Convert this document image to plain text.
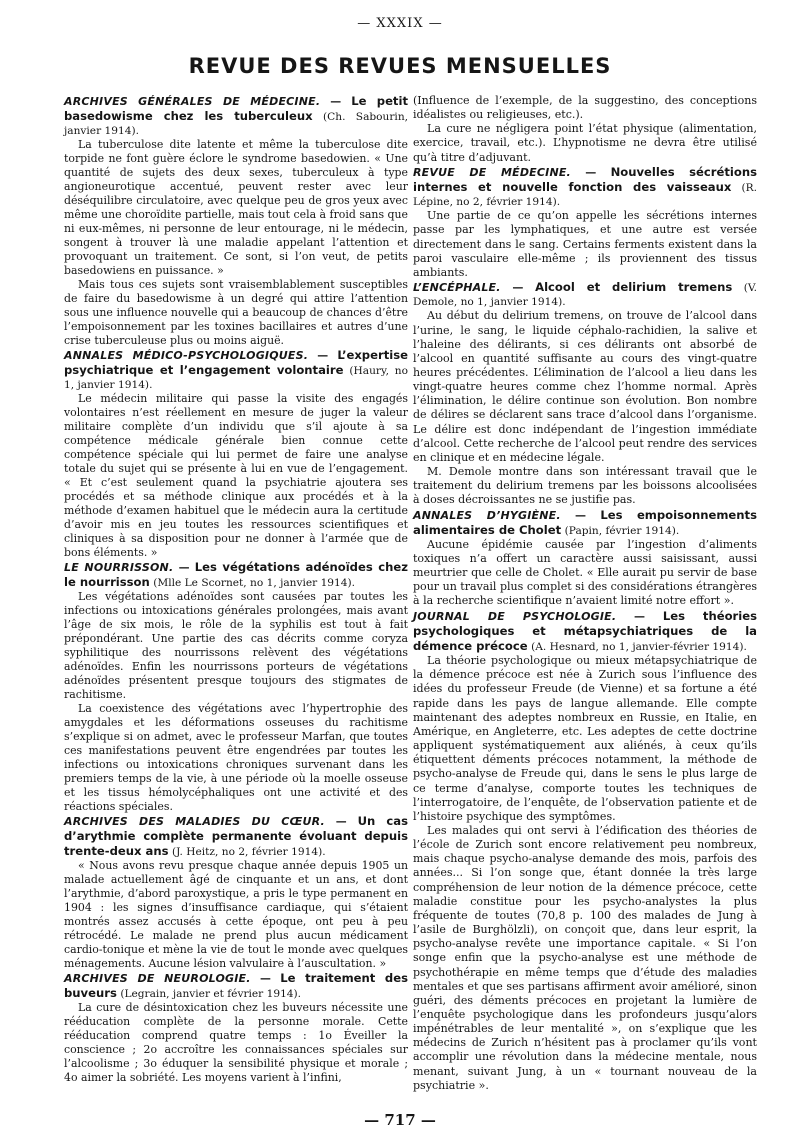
— XXXIX —
REVUE DES REVUES MENSUELLES

ARCHIVES GÉNÉRALES DE MÉDECINE. — Le petit basedowisme chez les tuberculeux (Ch. Sabourin, janvier 1914).

La tuberculose dite latente et même la tuberculose dite torpide ne font guère éclore le syndrome basedowien. « Une quantité de sujets des deux sexes, tuberculeux à type angioneurotique accentué, peuvent rester avec leur déséquilibre circulatoire, avec quelque peu de gros yeux avec même une choroïdite partielle, mais tout cela à froid sans que ni eux-mêmes, ni personne de leur entourage, ni le médecin, songent à trouver là une maladie appelant l’attention et provoquant un traitement. Ce sont, si l’on veut, de petits basedowiens en puissance. »

Mais tous ces sujets sont vraisemblablement susceptibles de faire du basedowisme à un degré qui attire l’attention sous une influence nouvelle qui a beaucoup de chances d’être l’empoisonnement par les toxines bacillaires et autres d’une crise tuberculeuse plus ou moins aiguë.

ANNALES MÉDICO-PSYCHOLOGIQUES. — L’expertise psychiatrique et l’engagement volontaire (Haury, no 1, janvier 1914).

Le médecin militaire qui passe la visite des engagés volontaires n’est réellement en mesure de juger la valeur militaire complète d’un individu que s’il ajoute à sa compétence médicale générale bien connue cette compétence spéciale qui lui permet de faire une analyse totale du sujet qui se présente à lui en vue de l’engagement. « Et c’est seulement quand la psychiatrie ajoutera ses procédés et sa méthode clinique aux procédés et à la méthode d’examen habituel que le médecin aura la certitude d’avoir mis en jeu toutes les ressources scientifiques et cliniques à sa disposition pour ne donner à l’armée que de bons éléments. »

LE NOURRISSON. — Les végétations adénoïdes chez le nourrisson (Mlle Le Scornet, no 1, janvier 1914).

Les végétations adénoïdes sont causées par toutes les infections ou intoxications générales prolongées, mais avant l’âge de six mois, le rôle de la syphilis est tout à fait prépondérant. Une partie des cas décrits comme coryza syphilitique des nourrissons relèvent des végétations adénoïdes. Enfin les nourrissons porteurs de végétations adénoïdes présentent presque toujours des stigmates de rachitisme.

La coexistence des végétations avec l’hypertrophie des amygdales et les déformations osseuses du rachitisme s’explique si on admet, avec le professeur Marfan, que toutes ces manifestations peuvent être engendrées par toutes les infections ou intoxications chroniques survenant dans les premiers temps de la vie, à une période où la moelle osseuse et les tissus hémolycéphaliques ont une activité et des réactions spéciales.

ARCHIVES DES MALADIES DU CŒUR. — Un cas d’arythmie complète permanente évoluant depuis trente-deux ans (J. Heitz, no 2, février 1914).

« Nous avons revu presque chaque année depuis 1905 un malade actuellement âgé de cinquante et un ans, et dont l’arythmie, d’abord paroxystique, a pris le type permanent en 1904 : les signes d’insuffisance cardiaque, qui s’étaient montrés assez accusés à cette époque, ont peu à peu rétrocédé. Le malade ne prend plus aucun médicament cardio-tonique et mène la vie de tout le monde avec quelques ménagements. Aucune lésion valvulaire à l’auscultation. »

ARCHIVES DE NEUROLOGIE. — Le traitement des buveurs (Legrain, janvier et février 1914).

La cure de désintoxication chez les buveurs nécessite une rééducation complète de la personne morale. Cette rééducation comprend quatre temps : 1o Éveiller la conscience ; 2o accroître les connaissances spéciales sur l’alcoolisme ; 3o éduquer la sensibilité physique et morale ; 4o aimer la sobriété. Les moyens varient à l’infini,

(Influence de l’exemple, de la suggestino, des conceptions idéalistes ou religieuses, etc.).

La cure ne négligera point l’état physique (alimentation, exercice, travail, etc.). L’hypnotisme ne devra être utilisé qu’à titre d’adjuvant.

REVUE DE MÉDECINE. — Nouvelles sécrétions internes et nouvelle fonction des vaisseaux (R. Lépine, no 2, février 1914).

Une partie de ce qu’on appelle les sécrétions internes passe par les lymphatiques, et une autre est versée directement dans le sang. Certains ferments existent dans la paroi vasculaire elle-même ; ils proviennent des tissus ambiants.

L’ENCÉPHALE. — Alcool et delirium tremens (V. Demole, no 1, janvier 1914).

Au début du delirium tremens, on trouve de l’alcool dans l’urine, le sang, le liquide céphalo-rachidien, la salive et l’haleine des délirants, si ces délirants ont absorbé de l’alcool en quantité suffisante au cours des vingt-quatre heures précédentes. L’élimination de l’alcool a lieu dans les vingt-quatre heures comme chez l’homme normal. Après l’élimination, le délire continue son évolution. Bon nombre de délires se déclarent sans trace d’alcool dans l’organisme. Le délire est donc indépendant de l’ingestion immédiate d’alcool. Cette recherche de l’alcool peut rendre des services en clinique et en médecine légale.

M. Demole montre dans son intéressant travail que le traitement du delirium tremens par les boissons alcoolisées à doses décroissantes ne se justifie pas.

ANNALES D’HYGIÈNE. — Les empoisonnements alimentaires de Cholet (Papin, février 1914).

Aucune épidémie causée par l’ingestion d’aliments toxiques n’a offert un caractère aussi saisissant, aussi meurtrier que celle de Cholet. « Elle aurait pu servir de base pour un travail plus complet si des considérations étrangères à la recherche scientifique n’avaient limité notre effort ».

JOURNAL DE PSYCHOLOGIE. — Les théories psychologiques et métapsychiatriques de la démence précoce (A. Hesnard, no 1, janvier-février 1914).

La théorie psychologique ou mieux métapsychiatrique de la démence précoce est née à Zurich sous l’influence des idées du professeur Freude (de Vienne) et sa fortune a été rapide dans les pays de langue allemande. Elle compte maintenant des adeptes nombreux en Russie, en Italie, en Amérique, en Angleterre, etc. Les adeptes de cette doctrine appliquent systématiquement aux aliénés, à ceux qu’ils étiquettent déments précoces notamment, la méthode de psycho-analyse de Freude qui, dans le sens le plus large de ce terme d’analyse, comporte toutes les techniques de l’interrogatoire, de l’enquête, de l’observation patiente et de l’histoire psychique des symptômes.

Les malades qui ont servi à l’édification des théories de l’école de Zurich sont encore relativement peu nombreux, mais chaque psycho-analyse demande des mois, parfois des années... Si l’on songe que, étant donnée la très large compréhension de leur notion de la démence précoce, cette maladie constitue pour les psycho-analystes la plus fréquente de toutes (70,8 p. 100 des malades de Jung à l’asile de Burghölzli), on conçoit que, dans leur esprit, la psycho-analyse revête une importance capitale. « Si l’on songe enfin que la psycho-analyse est une méthode de psychothérapie en même temps que d’étude des maladies mentales et que ses partisans affirment avoir amélioré, sinon guéri, des déments précoces en projetant la lumière de l’enquête psychologique dans les profondeurs jusqu’alors impénétrables de leur mentalité », on s’explique que les médecins de Zurich n’hésitent pas à proclamer qu’ils vont accomplir une révolution dans la médecine mentale, nous menant, suivant Jung, à un « tournant nouveau de la psychiatrie ».

— 717 —
